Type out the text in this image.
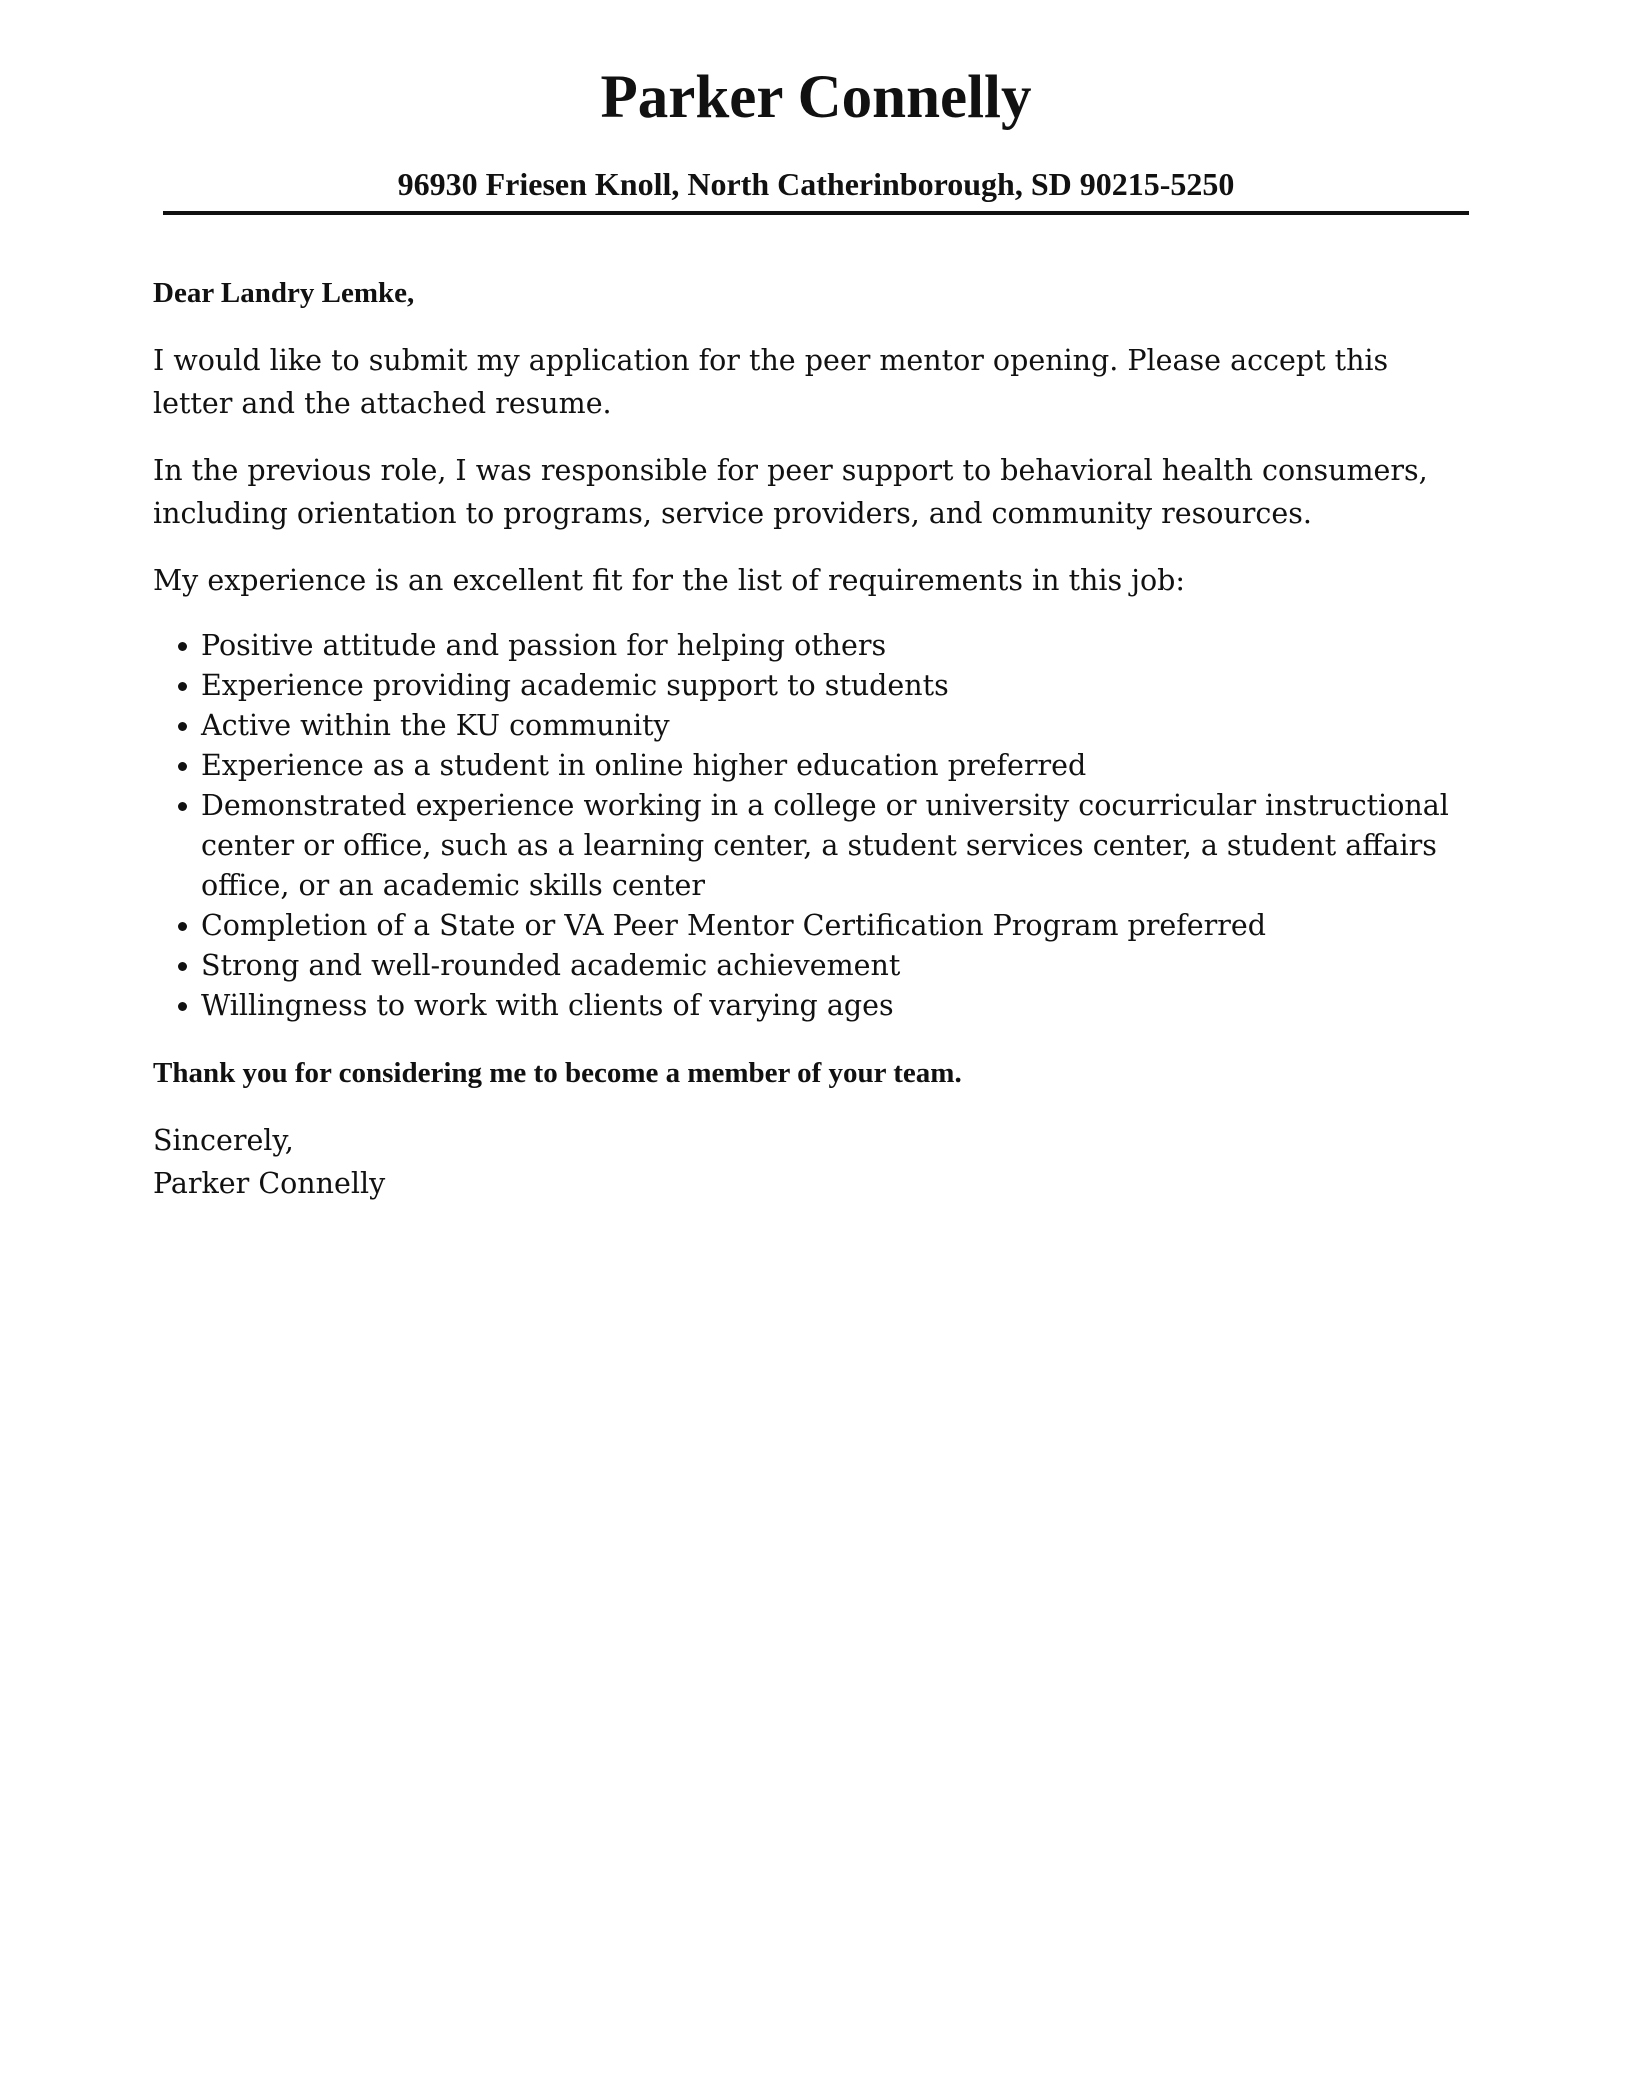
Parker Connelly
96930 Friesen Knoll, North Catherinborough, SD 90215-5250

Dear Landry Lemke,

I would like to submit my application for the peer mentor opening. Please accept this letter and the attached resume.

In the previous role, I was responsible for peer support to behavioral health consumers, including orientation to programs, service providers, and community resources.

My experience is an excellent fit for the list of requirements in this job:

Positive attitude and passion for helping others
Experience providing academic support to students
Active within the KU community
Experience as a student in online higher education preferred
Demonstrated experience working in a college or university cocurricular instructional center or office, such as a learning center, a student services center, a student affairs office, or an academic skills center
Completion of a State or VA Peer Mentor Certification Program preferred
Strong and well-rounded academic achievement
Willingness to work with clients of varying ages

Thank you for considering me to become a member of your team.

Sincerely,
Parker Connelly
